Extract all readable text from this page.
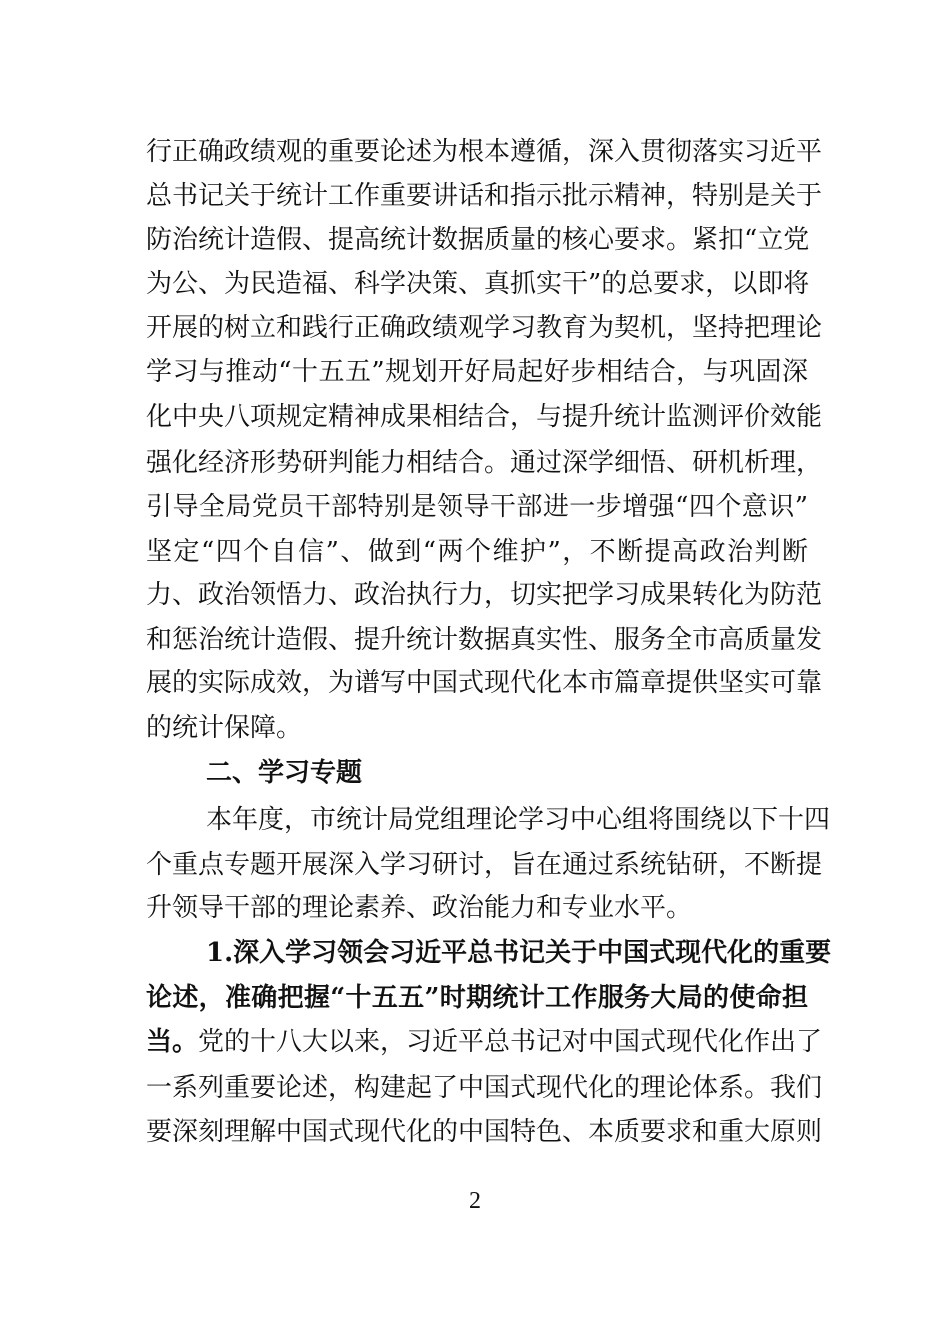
行正确政绩观的重要论述为根本遵循，深入贯彻落实习近平
总书记关于统计工作重要讲话和指示批示精神，特别是关于
防治统计造假、提高统计数据质量的核心要求。紧扣“立党
为公、为民造福、科学决策、真抓实干”的总要求，以即将
开展的树立和践行正确政绩观学习教育为契机，坚持把理论
学习与推动“十五五”规划开好局起好步相结合，与巩固深
化中央八项规定精神成果相结合，与提升统计监测评价效能
强化经济形势研判能力相结合。通过深学细悟、研机析理，
引导全局党员干部特别是领导干部进一步增强“四个意识”
坚定“四个自信”、做到“两个维护”，不断提高政治判断
力、政治领悟力、政治执行力，切实把学习成果转化为防范
和惩治统计造假、提升统计数据真实性、服务全市高质量发
展的实际成效，为谱写中国式现代化本市篇章提供坚实可靠
的统计保障。
二、学习专题
本年度，市统计局党组理论学习中心组将围绕以下十四
个重点专题开展深入学习研讨，旨在通过系统钻研，不断提
升领导干部的理论素养、政治能力和专业水平。
1.深入学习领会习近平总书记关于中国式现代化的重要
论述，准确把握“十五五”时期统计工作服务大局的使命担
当。党的十八大以来，习近平总书记对中国式现代化作出了
一系列重要论述，构建起了中国式现代化的理论体系。我们
要深刻理解中国式现代化的中国特色、本质要求和重大原则
2
